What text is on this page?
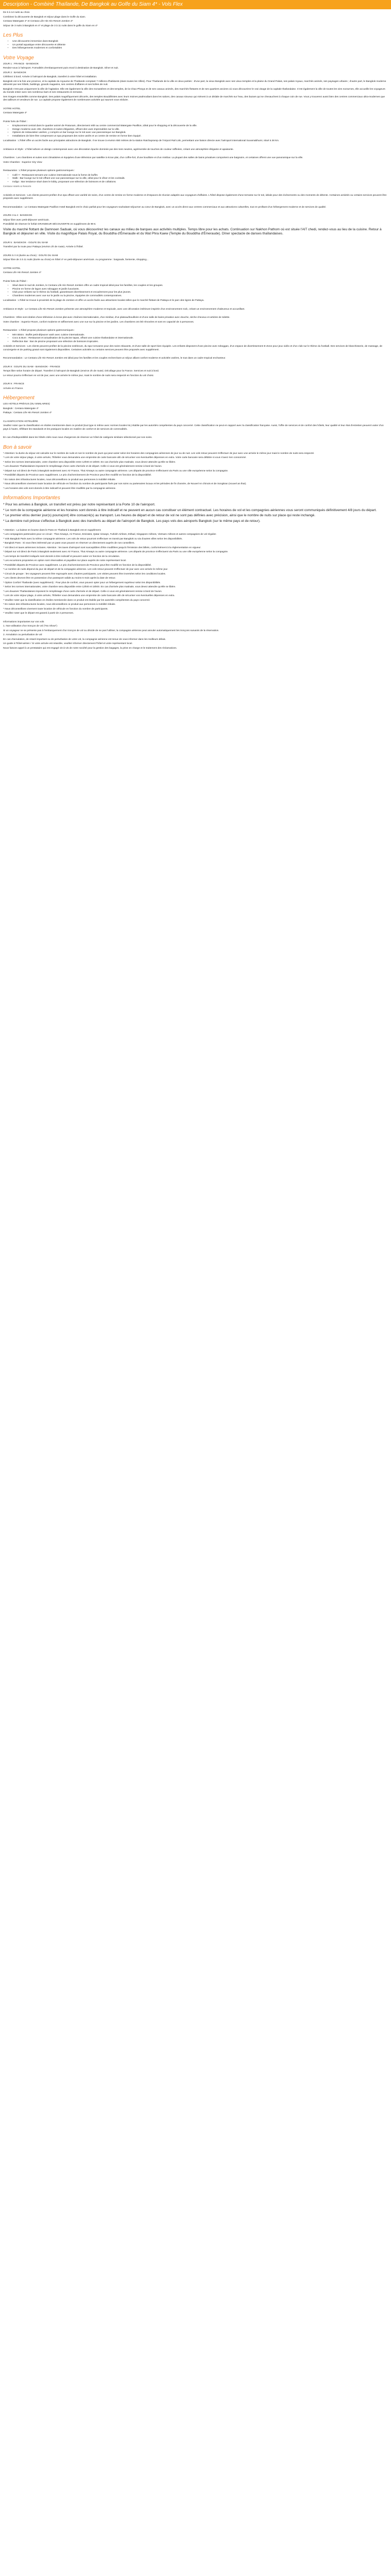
Description - Combiné Thaïlande, De Bangkok au Golfe du Siam 4* - Vols Flex

De 6 à 14 nuits au choix

Combinez la découverte de Bangkok et séjour plage dans le Golfe du siam.

Centara Watergate 4* et Centara Life Hin Hin Resort Jomtien 4*

Séjour de 3 nuits à Bangkok en 4* et plage de 3 à 11 nuits dans le golfe du Siam en 4*

Les Plus
• Une découverte immersive dans Bangkok
• Un portail aquatique entre découverte et détente
• Des hébergements modernes et confortables
Votre Voyage

JOUR 1 : FRANCE - BANGKOK

Rendez-vous à l'aéroport. Formalités d'embarquement puis envol à destination de Bangkok. Dîner et nuit.

JOUR 2 : BANGKOK

Célébrez à bord. Arrivée à l'aéroport de Bangkok, transfert à votre hôtel et installation.

Bangkok est à la fois une province, et la capitale du royaume de Thaïlande comptant 7 millions d'habitants (dans toutes les Villes). Pour Thaïlande de la ville en deux parties : d'une part, la vieux Bangkok avec ses vieux temples et la plaine du Grand Palais, ses palais royaux, marchés animés, ses paysages urbains ; d'autre part, le Bangkok moderne alimenté par ses hôtels, buildings, grands magasins, ses centres d'affaires et ses boîtes de nuit.

Bangkok n'est pas uniquement la ville de l'agitation. Elle est également la ville des monastères et des temples, de la Chao Phraya et de ses canaux animés, des marchés flottants et de ses quartiers anciens où vous découvrirez le vrai visage de la capitale thaïlandaise. C'est également la ville de toutes les vies nocturnes, elle accueille les voyageurs du monde entier avec ses nombreux bars et ses restaurants en terrasse.

Ses rivages ensoleillés comme Bangkok. Des palais magnifiquement décorés, des temples Bouddhistes avec leurs moines psalmodiant dans les salons, des canaux sinueux qui mènent à un dédale de marchés sur l'eau, des bazars qui se chevauchent à chaque coin de rue. Vous y trouverez aussi bien des centres commerciaux ultra-modernes que des tailleurs et vendeurs de rue. La capitale propose également de nombreuses activités qui sauront vous séduire.

VOTRE HOTEL

Centara Watergate 4*

Points forts de l'hôtel :

• Emplacement central dans le quartier animé de Pratunam, directement relié au centre commercial Watergate Pavillion, idéal pour le shopping et la découverte de la ville.
• Design moderne avec 281 chambres et suites élégantes, offrant des vues imprenables sur la ville.
• Options de restauration variées, y compris un bar lounge sur le toit avec vue panoramique sur Bangkok.
• Installations de bien-être comprenant un spa proposant des soins variés et un centre de remise en forme bien équipé.

Localisation : L'hôtel offre un accès facile aux principales attractions de Bangkok. Il se trouve à environ 650 mètres de la station Ratchaprarop de l'Airport Rail Link, permettant une liaison directe avec l'aéroport international Suvarnabhumi, situé à 26 km.

Ambiance et Style : L'hôtel arbore un design contemporain avec une décoration épurée dominée par des tons neutres, agrémentée de touches de couleur raffinées, créant une atmosphère élégante et apaisante.

Chambres : Les chambres et suites sont climatisées et équipées d'une télévision par satellite à écran plat, d'un coffre-fort, d'une bouilloire et d'un minibar. La plupart des salles de bains privatives comportent une baignoire, et certaines offrent une vue panoramique sur la ville.

Votre Chambre : Superior City View

Restauration : L'hôtel propose plusieurs options gastronomiques :

• Café Y : Restaurant servant une cuisine internationale sous la forme de buffet.
• Walk : Bar lounge sur le toit offrant une vue panoramique sur la ville, idéal pour le dîner et les cocktails.
• Indigo : Bar tendance situé dans le lobby, proposant une sélection de boissons et de collations.

Centara Hotels & Resorts

Activités et Services : Les clients peuvent profiter d'un spa offrant une variété de soins, d'un centre de remise en forme moderne et d'espaces de réunion adaptés aux voyageurs d'affaires. L'hôtel dispose également d'une terrasse sur le toit, idéale pour des événements ou des moments de détente. Certaines activités ou certains services peuvent être proposés avec supplément.

Recommandation : Le Centara Watergate Pavillion Hotel Bangkok est le choix parfait pour les voyageurs souhaitant séjourner au cœur de Bangkok, avec un accès direct aux centres commerciaux et aux attractions culturelles, tout en profitant d'un hébergement moderne et de services de qualité.

JOURS 3 & 4 : BANGKOK

Séjour libre avec petit-déjeuner américain.

Possibilité de réserver le forfait GRANDEUR DÉCOUVERTE en supplément de 99 €.

Visite du marché flottant de Damnoen Saduak, où vous découvrirez les canaux au milieu de barques aux activités multiples. Temps libre pour les achats. Continuation sur Nakhon Pathom où est située l'AIT chedi, rendez-vous au lieu de la cuisine. Retour à Bangkok et déjeuner en ville. Visite du magnifique Palais Royal, du Bouddha d'Émeraude et du Wat Phra Kaew (Temple du Bouddha d'Émeraude). Dîner spectacle de danses thaïlandaises.

JOUR 5 : BANGKOK - GOLFE DU SIAM

Transfert par la route pour Pattaya (environ 2h de route). Arrivée à l'hôtel.

JOURS 5 À 8 (durée au choix) : GOLFE DU SIAM

Séjour libre de 3 à 11 nuits (durée au choix) en hôtel 4* en petit-déjeuner américain. Au programme : baignade, farniente, shopping...

VOTRE HOTEL

Centara Life Hin Resort Jomtien 4*

Points forts de l'hôtel :

• Situé dans le sud de Jomtien, le Centara Life Hin Resort Jomtien offre un cadre tropical idéal pour les familles, les couples et les groupes.
• Piscine en forme de lagon avec toboggan et jardin luxuriants.
• Club pour enfants sur le thème du football, garantissant divertissement et encadrement pour les plus jeunes.
• Chambres modernes avec vue sur le jardin ou la piscine, équipées de commodités contemporaines.

Localisation : L'hôtel se trouve à proximité de la plage de Jomtien et offre un accès facile aux attractions locales telles que le marché flottant de Pattaya et le parc des tigres de Pattaya.

Ambiance et Style : Le Centara Life Hin Resort Jomtien présente une atmosphère moderne et tropicale, avec une décoration intérieure inspirée d'un environnement rock, créant un environnement chaleureux et accueillant.

Chambres : Elles sont dotées d'une télévision à écran plat avec chaînes internationales, d'un minibar, d'un plateau/bouilloire et d'une salle de bains privative avec douche, sèche-cheveux et articles de toilette.

Votre chambre : Superior Room, confort moderne et raffinement avec une vue sur la piscine et les jardins. Les chambres ont été rénovées et sont en capacité de 3 personnes.

Restauration : L'hôtel propose plusieurs options gastronomiques :

• MIX Bistro : Buffet petit-déjeuner varié avec cuisine internationale.
• Coco & Burn : Restaurant et actualisation de la piscine tapas, offrant une cuisine thaïlandaise et internationale.
• Reflection Bar : Bar de piscine proposant une sélection de boissons tropicales.

Activités et Services : Les clients peuvent profiter de la piscine extérieure, du spa Cenvaree pour des soins relaxants, et d'une salle de sport bien équipée. Les enfants disposent d'une piscine avec toboggan, d'un espace de divertissement E-Zone pour jeux vidéo et d'un club sur le thème du football. Des services de blanchisserie, de massage, de conciergerie et de parking gratuit sont également disponibles. Certaines activités ou certains services peuvent être proposés avec supplément.

Recommandation : Le Centara Life Hin Resort Jomtien est idéal pour les familles et les couples recherchant un séjour alliant confort moderne et activités variées, le tout dans un cadre tropical enchanteur.

JOUR 8 : GOLFE DU SIAM - BANGKOK - FRANCE

Temps libre selon horaire de départ. Transfert à l'aéroport de Bangkok (environ 2h de route). Décollage pour la France. Services et nuit à bord.

Le retour pourra s'effectuer en vol de jour, avec une arrivée le même jour, mais le nombre de nuits sera respecté en fonction du vol choisi.

JOUR 9 : FRANCE

Arrivée en France.

Hébergement

LES HOTELS PRÉVUS (OU SIMILAIRES)

Bangkok : Centara Watergate 4*

Pattaya : Centara Life Hin Resort Jomtien 4*

CLASSIFICATION HOTELIÈRE

Veuillez noter que la classification en étoiles mentionnée dans ce produit (tout type si même avec normes locales NL) établie par les autorités compétentes du pays concerné. Cette classification ne peut en rapport avec la classification française. Aussi, l'offre de services et de confort des hôtels, leur qualité et leur état d'entretien peuvent varier d'un pays à l'autre, réflétant les standards et les pratiques locales en matière de confort et de services de commodités.

En cas d'indisponibilité dans les hôtels cités nous nous chargerons de réserver un hôtel de catégorie similaire sélectionné par nos soins.

Bon à savoir

* Attention: la durée du séjour est calculée sur le nombre de nuits et non le nombre de jours qui peut varier selon les horaires des compagnies aériennes de jour ou de nuit. Les vols retour peuvent s'effectuer de jour avec une arrivée le même jour mais le nombre de nuits sera respecté.

* Lors de votre séjour plage, à votre arrivée, l'hôtelier vous demandera une empreinte de carte bancaire afin de sécuriser vos éventuelles dépenses en extra. Votre carte bancaire sera débitée si vous n'avez rien consommé.

* Selon les normes internationales, votre chambre sera disponible entre 12h00 et 15h00. En cas d'arrivée plus matinale, vous devez attendre qu'elle se libère.

* Les douanes Thaïlandaises imposent le remplissage d'une carte d'arrivée et de départ. Celle-ci vous est généralement remise à bord de l'avion.

* Départ sur vol direct de Paris à Bangkok seulement avec Air France, Thai Airways ou autre compagnie aérienne. Les départs de province s'effectuent via Paris ou une ville européenne selon la compagnie.

* Possibilité départs de Province avec supplément. Le prix d'acheminement de Province peut être modifié en fonction de la disponibilité.

* En raison des infrastructures locales, nous déconseillons ce produit aux personnes à mobilité réduite.

* Nous déconseillons vivement toute location de véhicule en fonction du nombre de participants fixés par nos soins ou partenaires locaux et les périodes de fin d'année, de Nouvel An chinois et de Songkran (nouvel an thaï).

* Les horaires des vols sont donnés à titre indicatif et peuvent être modifiés par la compagnie aérienne.

Informations Importantes

* Pour les arrivées à Bangkok, un transfert est prévu par notre représentant à la Porte 10 de l'aéroport.

* Le nom de la compagnie aérienne et les horaires sont donnés à titre indicatif et ne peuvent en aucun cas constituer un élément contractuel. Les horaires de vol et les compagnies aériennes vous seront communiqués définitivement 4/8 jours du départ.

* Le premier et/ou dernier jour(s) pourra(ont) être consacré(s) au transport. Les heures de départ et de retour de vol ne sont pas définies avec précision, ainsi que le nombre de nuits sur place qui reste inchangé.

* La dernière nuit prévue s'effectue à Bangkok avec des transferts au départ de l'aéroport de Bangkok. Les pays vols des aéroports Bangkok (sur le même pays et de retour).

* Attention : La baisse en bourse dans le Pass en Thaïland à Bangkok est en supplément.

* Les compagnies partenaires pour ce circuit : Thaï Airways, Air France, Emirates, Qatar Airways, Turkish Airlines, Etihad, Singapore Airlines, Vietnam Airlines et autres compagnies de vol régulier.

* Vols Bangkok Paris avec la même compagnie aérienne. Les vols de retour pourront s'effectuer en transit par Bangkok ou via d'autres villes selon les disponibilités.

* Bangkok Pass : Si vous êtes intéressé par un pass vous pouvez en réserver un directement auprès de nos conseillers.

* Vol direct et taxes aériennes incluses. Attention : les taxes d'aéroport sont susceptibles d'être modifiées jusqu'à l'émission des billets, conformément à la réglementation en vigueur.

* Départ sur vol direct de Paris à Bangkok seulement avec Air France, Thai Airways ou autre compagnie aérienne. Les départs de province s'effectuent via Paris ou une ville européenne selon la compagnie.

* Les temps de transfert indiqués sont donnés à titre indicatif et peuvent varier en fonction de la circulation.

* Les excursions proposées en option sont réservables et payables sur place auprès de notre représentant local.

* Possibilité départs de Province avec supplément. Le prix d'acheminement de Province peut être modifié en fonction de la disponibilité.

* Le nombre de nuits dépend du jour de départ et de la compagnie aérienne. Les vols retour peuvent s'effectuer de jour avec une arrivée le même jour.

* Circuit de groupe : les voyageurs peuvent être regroupés avec d'autres participants. Les visites peuvent être inversées selon les conditions locales.

* Les clients devront être en possession d'un passeport valide au moins 6 mois après la date de retour.

* Option Confort Thaïlande (avec supplément) : Pour plus de confort, vous pouvez opter pour un hébergement supérieur selon les disponibilités.

* Selon les normes internationales, votre chambre sera disponible entre 12h00 et 15h00. En cas d'arrivée plus matinale, vous devez attendre qu'elle se libère.

* Les douanes Thaïlandaises imposent le remplissage d'une carte d'arrivée et de départ. Celle-ci vous est généralement remise à bord de l'avion.

* Lors de votre séjour plage, à votre arrivée, l'hôtelier vous demandera une empreinte de carte bancaire afin de sécuriser vos éventuelles dépenses en extra.

* Veuillez noter que la classification en étoiles mentionnée dans ce produit est établie par les autorités compétentes du pays concerné.

* En raison des infrastructures locales, nous déconseillons ce produit aux personnes à mobilité réduite.

* Nous déconseillons vivement toute location de véhicule en fonction du nombre de participants.

* Veuillez noter que le départ est garanti à partir de 2 personnes.

Informations importantes sur vos vols

1. Non-utilisation d'un tronçon de vol ("No Show")

Si un voyageur ne se présente pas à l'embarquement d'un tronçon de vol ou décide de ne pas l'utiliser, la compagnie aérienne peut annuler automatiquement les tronçons suivants de la réservation.

2. Annulation ou perturbation de vol

En cas d'annulation, de retard important ou de perturbation de votre vol, la compagnie aérienne est tenue de vous informer dans les meilleurs délais.

Un guide à l'hôtel-aérien / Si votre arrivée est retardée, veuillez informer directement l'hôtel et votre représentant local.

Nous faisons appel à un prestataire qui est engagé vis-à-vis de notre société pour la gestion des bagages, la prise en charge et le traitement des réclamations.
